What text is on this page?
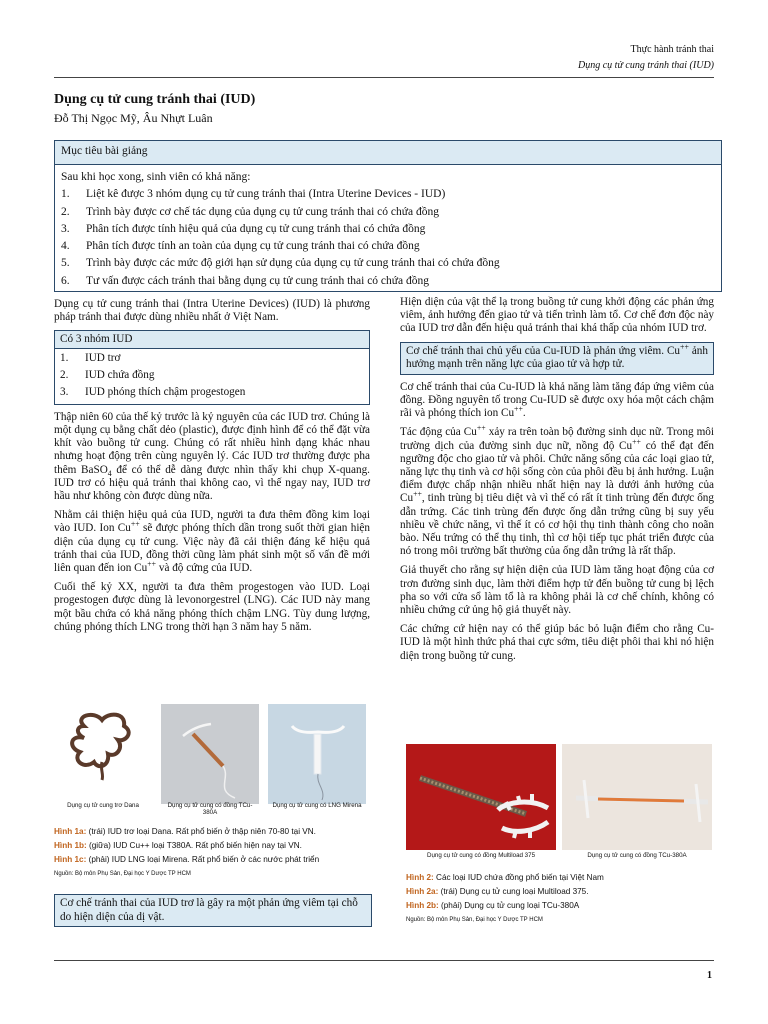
Thực hành tránh thai
Dụng cụ tử cung tránh thai (IUD)
Dụng cụ tử cung tránh thai (IUD)
Đỗ Thị Ngọc Mỹ, Âu Nhựt Luân
Mục tiêu bài giảng
Sau khi học xong, sinh viên có khả năng:
1.	Liệt kê được 3 nhóm dụng cụ tử cung tránh thai (Intra Uterine Devices - IUD)
2.	Trình bày được cơ chế tác dụng của dụng cụ tử cung tránh thai có chứa đồng
3.	Phân tích được tính hiệu quả của dụng cụ tử cung tránh thai có chứa đồng
4.	Phân tích được tính an toàn của dụng cụ tử cung tránh thai có chứa đồng
5.	Trình bày được các mức độ giới hạn sử dụng của dụng cụ tử cung tránh thai có chứa đồng
6.	Tư vấn được cách tránh thai bằng dụng cụ tử cung tránh thai có chứa đồng

Dụng cụ tử cung tránh thai (Intra Uterine Devices) (IUD) là phương pháp tránh thai được dùng nhiều nhất ở Việt Nam.

Có 3 nhóm IUD
1.	IUD trơ
2.	IUD chứa đồng
3.	IUD phóng thích chậm progestogen

Thập niên 60 của thế kỷ trước là kỷ nguyên của các IUD trơ. Chúng là một dụng cụ bằng chất dẻo (plastic), được định hình để có thể đặt vừa khít vào buồng tử cung. Chúng có rất nhiều hình dạng khác nhau nhưng hoạt động trên cùng nguyên lý. Các IUD trơ thường được pha thêm BaSO$_4$ để có thể dễ dàng được nhìn thấy khi chụp X-quang. IUD trơ có hiệu quả tránh thai không cao, vì thế ngay nay, IUD trơ hầu như không còn được dùng nữa.

Nhằm cải thiện hiệu quả của IUD, người ta đưa thêm đồng kim loại vào IUD. Ion Cu++ sẽ được phóng thích dần trong suốt thời gian hiện diện của dụng cụ tử cung. Việc này đã cải thiện đáng kể hiệu quả tránh thai của IUD, đồng thời cũng làm phát sinh một số vấn đề mới liên quan đến ion Cu++ và độ cứng của IUD.

Cuối thế kỷ XX, người ta đưa thêm progestogen vào IUD. Loại progestogen được dùng là levonorgestrel (LNG). Các IUD này mang một bầu chứa có khả năng phóng thích chậm LNG. Tùy dung lượng, chúng phóng thích LNG trong thời hạn 3 năm hay 5 năm.

Dụng cụ tử cung trơ Dana	Dụng cụ tử cung có đồng TCu-380A
Dụng cụ tử cung có LNG Mirena
Hình 1a: (trái) IUD trơ loại Dana. Rất phổ biến ở thập niên 70-80 tại VN.
Hình 1b: (giữa) IUD Cu++ loại T380A. Rất phổ biến hiện nay tại VN.
Hình 1c: (phải) IUD LNG loại Mirena. Rất phổ biến ở các nước phát triển
Nguồn: Bộ môn Phụ Sản, Đại học Y Dược TP HCM
Cơ chế tránh thai của IUD trơ là gây ra một phản ứng viêm tại chỗ do hiện diện của dị vật.

Hiện diện của vật thể lạ trong buồng tử cung khởi động các phản ứng viêm, ảnh hưởng đến giao tử và tiến trình làm tổ. Cơ chế đơn độc này của IUD trơ dẫn đến hiệu quả tránh thai khá thấp của nhóm IUD trơ.

Cơ chế tránh thai chủ yếu của Cu-IUD là phản ứng viêm. Cu++ ảnh hưởng mạnh trên năng lực của giao tử và hợp tử.

Cơ chế tránh thai của Cu-IUD là khả năng làm tăng đáp ứng viêm của đồng. Đồng nguyên tố trong Cu-IUD sẽ được oxy hóa một cách chậm rãi và phóng thích ion Cu++.

Tác động của Cu++ xảy ra trên toàn bộ đường sinh dục nữ. Trong môi trường dịch của đường sinh dục nữ, nồng độ Cu++ có thể đạt đến ngưỡng độc cho giao tử và phôi. Chức năng sống của các loại giao tử, năng lực thụ tinh và cơ hội sống còn của phôi đều bị ảnh hưởng. Luận điểm được chấp nhận nhiều nhất hiện nay là dưới ảnh hưởng của Cu++, tinh trùng bị tiêu diệt và vì thế có rất ít tinh trùng đến được ống dẫn trứng. Các tinh trùng đến được ống dẫn trứng cũng bị suy yếu nhiều về chức năng, vì thế ít có cơ hội thụ tinh thành công cho noãn bào. Nếu trứng có thể thụ tinh, thì cơ hội tiếp tục phát triển được của nó trong môi trường bất thường của ống dẫn trứng là rất thấp.

Giả thuyết cho rằng sự hiện diện của IUD làm tăng hoạt động của cơ trơn đường sinh dục, làm thời điểm hợp tử đến buồng tử cung bị lệch pha so với cửa sổ làm tổ là ra không phải là cơ chế chính, không có nhiều chứng cứ ủng hộ giả thuyết này.

Các chứng cứ hiện nay có thể giúp bác bỏ luận điểm cho rằng Cu-IUD là một hình thức phá thai cực sớm, tiêu diệt phôi thai khi nó hiện diện trong buồng tử cung.

Dụng cụ tử cung có đồng Multiload 375	Dụng cụ tử cung có đồng TCu-380A
Hình 2: Các loại IUD chứa đồng phổ biến tại Việt Nam
Hình 2a: (trái) Dụng cụ tử cung loại Multiload 375.
Hình 2b: (phải) Dụng cụ tử cung loại TCu-380A
Nguồn: Bộ môn Phụ Sản, Đại học Y Dược TP HCM
1
